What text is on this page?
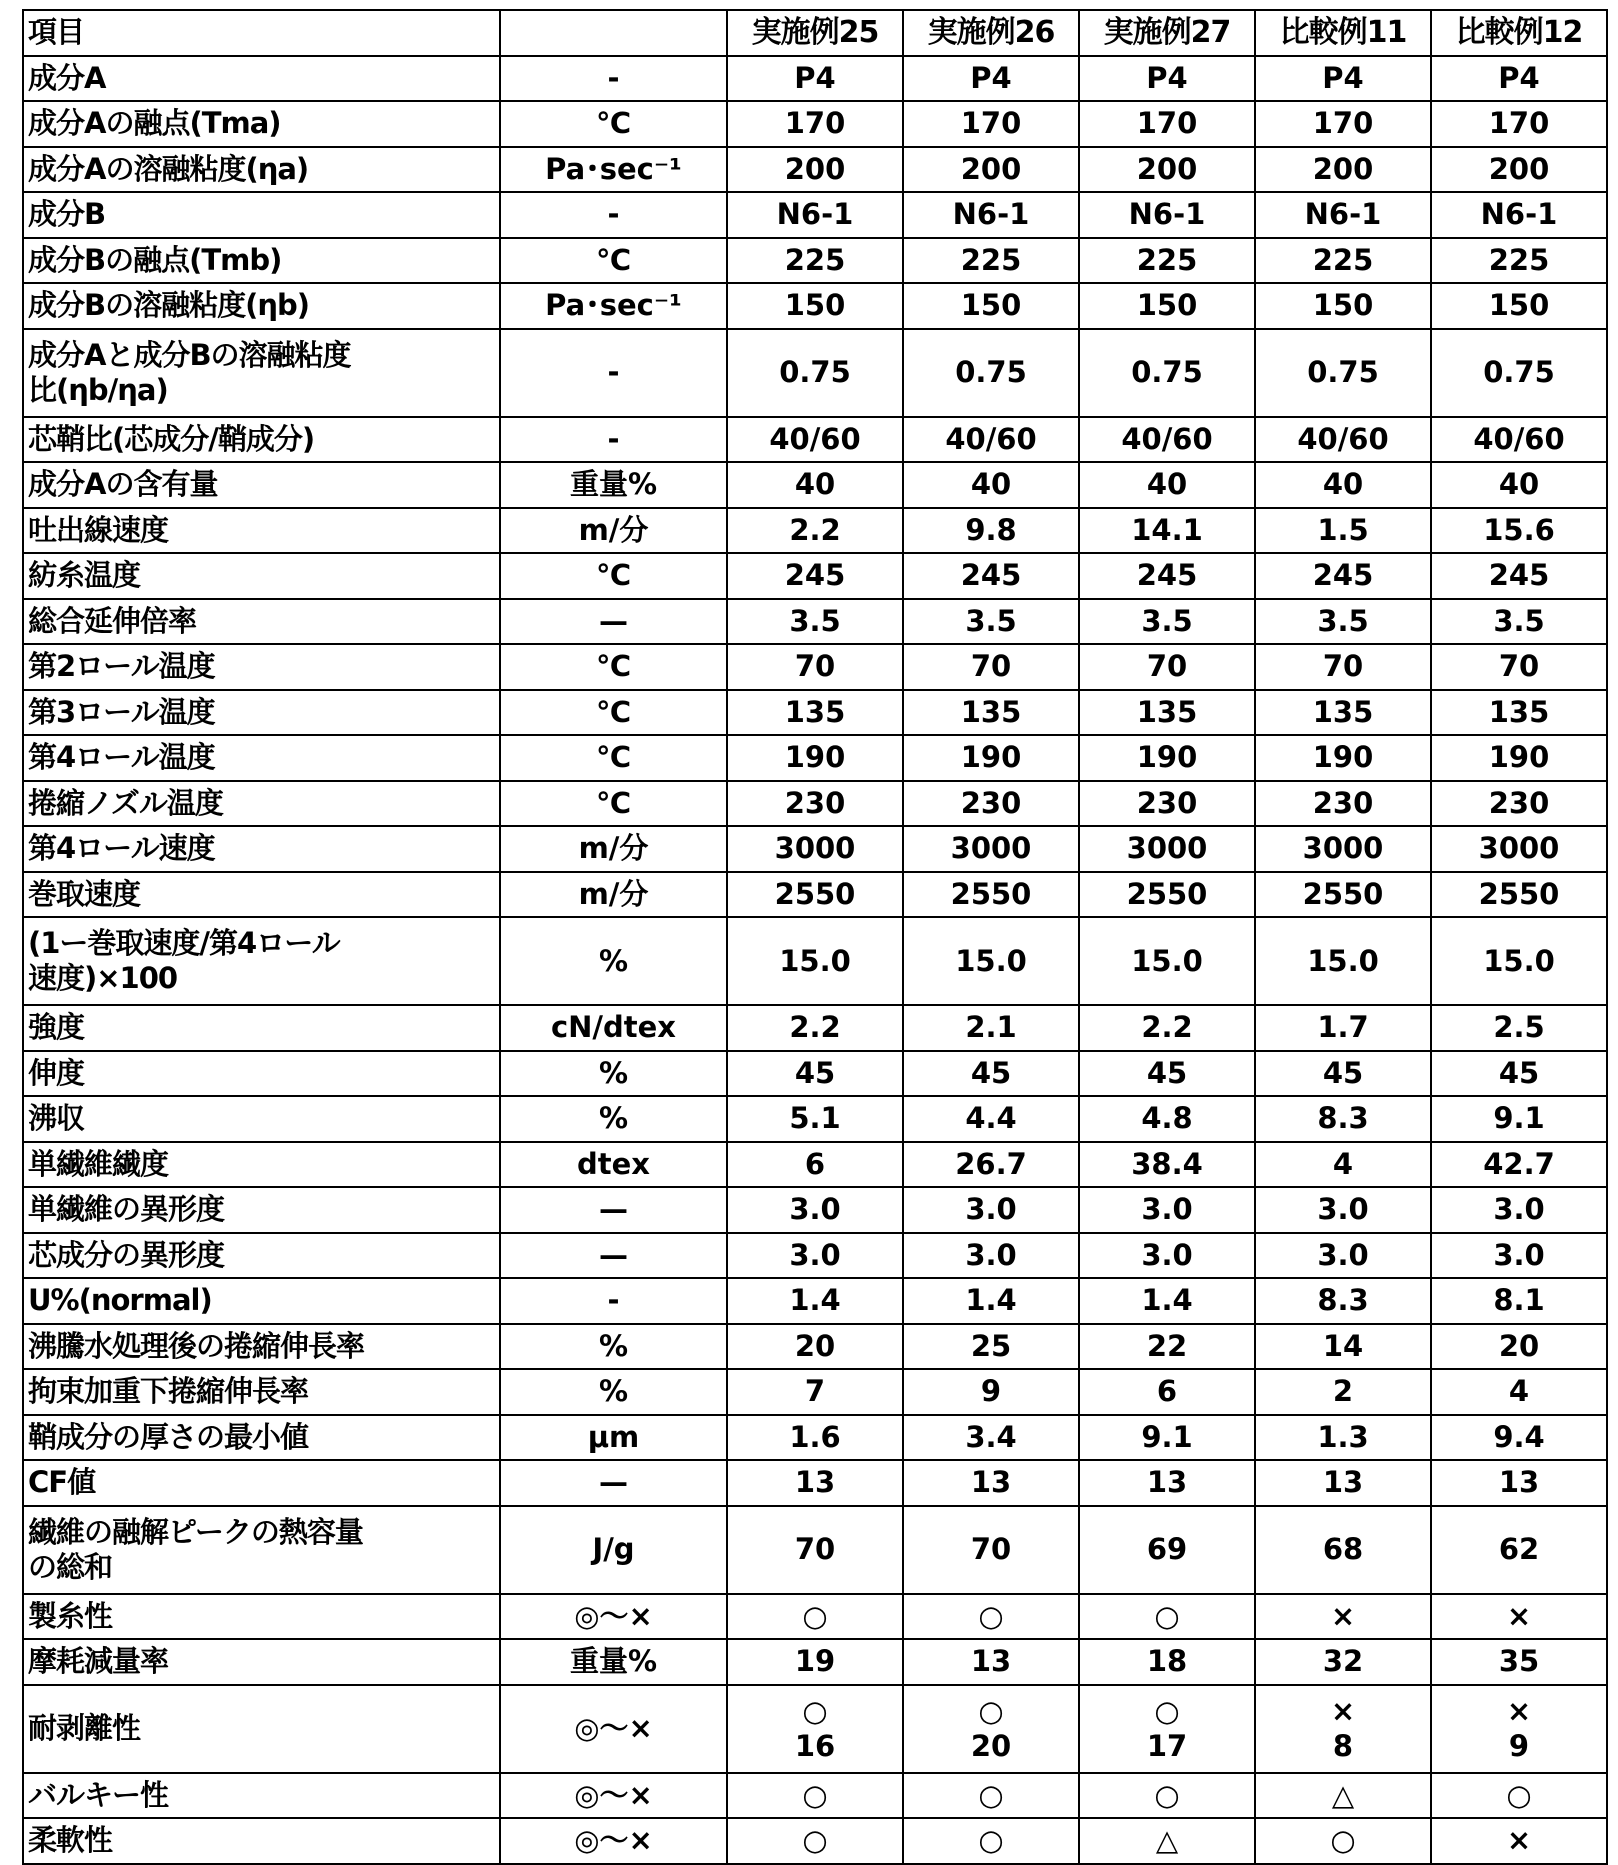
項目		実施例25	実施例26	実施例27	比較例11	比較例12
成分A	-	P4	P4	P4	P4	P4
成分Aの融点(Tma)	℃	170	170	170	170	170
成分Aの溶融粘度(ηa)	Pa･sec⁻¹	200	200	200	200	200
成分B	-	N6-1	N6-1	N6-1	N6-1	N6-1
成分Bの融点(Tmb)	℃	225	225	225	225	225
成分Bの溶融粘度(ηb)	Pa･sec⁻¹	150	150	150	150	150
成分Aと成分Bの溶融粘度
比(ηb/ηa)	-	0.75	0.75	0.75	0.75	0.75
芯鞘比(芯成分/鞘成分)	-	40/60	40/60	40/60	40/60	40/60
成分Aの含有量	重量%	40	40	40	40	40
吐出線速度	m/分	2.2	9.8	14.1	1.5	15.6
紡糸温度	℃	245	245	245	245	245
総合延伸倍率	—	3.5	3.5	3.5	3.5	3.5
第2ロール温度	℃	70	70	70	70	70
第3ロール温度	℃	135	135	135	135	135
第4ロール温度	℃	190	190	190	190	190
捲縮ノズル温度	℃	230	230	230	230	230
第4ロール速度	m/分	3000	3000	3000	3000	3000
巻取速度	m/分	2550	2550	2550	2550	2550
(1ー巻取速度/第4ロール
速度)×100	%	15.0	15.0	15.0	15.0	15.0
強度	cN/dtex	2.2	2.1	2.2	1.7	2.5
伸度	%	45	45	45	45	45
沸収	%	5.1	4.4	4.8	8.3	9.1
単繊維繊度	dtex	6	26.7	38.4	4	42.7
単繊維の異形度	—	3.0	3.0	3.0	3.0	3.0
芯成分の異形度	—	3.0	3.0	3.0	3.0	3.0
U%(normal)	-	1.4	1.4	1.4	8.3	8.1
沸騰水処理後の捲縮伸長率	%	20	25	22	14	20
拘束加重下捲縮伸長率	%	7	9	6	2	4
鞘成分の厚さの最小値	μm	1.6	3.4	9.1	1.3	9.4
CF値	—	13	13	13	13	13
繊維の融解ピークの熱容量
の総和	J/g	70	70	69	68	62
製糸性	◎～×	○	○	○	×	×
摩耗減量率	重量%	19	13	18	32	35
耐剥離性	◎～×	○
16	○
20	○
17	×
8	×
9
バルキー性	◎～×	○	○	○	△	○
柔軟性	◎～×	○	○	△	○	×
